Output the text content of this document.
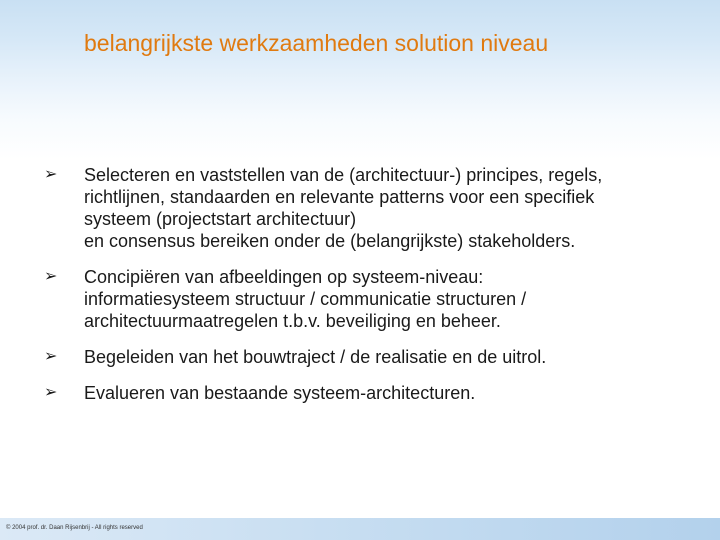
belangrijkste werkzaamheden solution niveau
➢ Selecteren en vaststellen van de (architectuur-) principes, regels,
richtlijnen, standaarden en relevante patterns voor een specifiek
systeem (projectstart architectuur)
en consensus bereiken onder de (belangrijkste) stakeholders.
➢ Concipiëren van afbeeldingen op systeem-niveau:
informatiesysteem structuur / communicatie structuren /
architectuurmaatregelen t.b.v. beveiliging en beheer.
➢ Begeleiden van het bouwtraject / de realisatie en de uitrol.
➢ Evalueren van bestaande systeem-architecturen.
© 2004 prof. dr. Daan Rijsenbrij - All rights reserved
